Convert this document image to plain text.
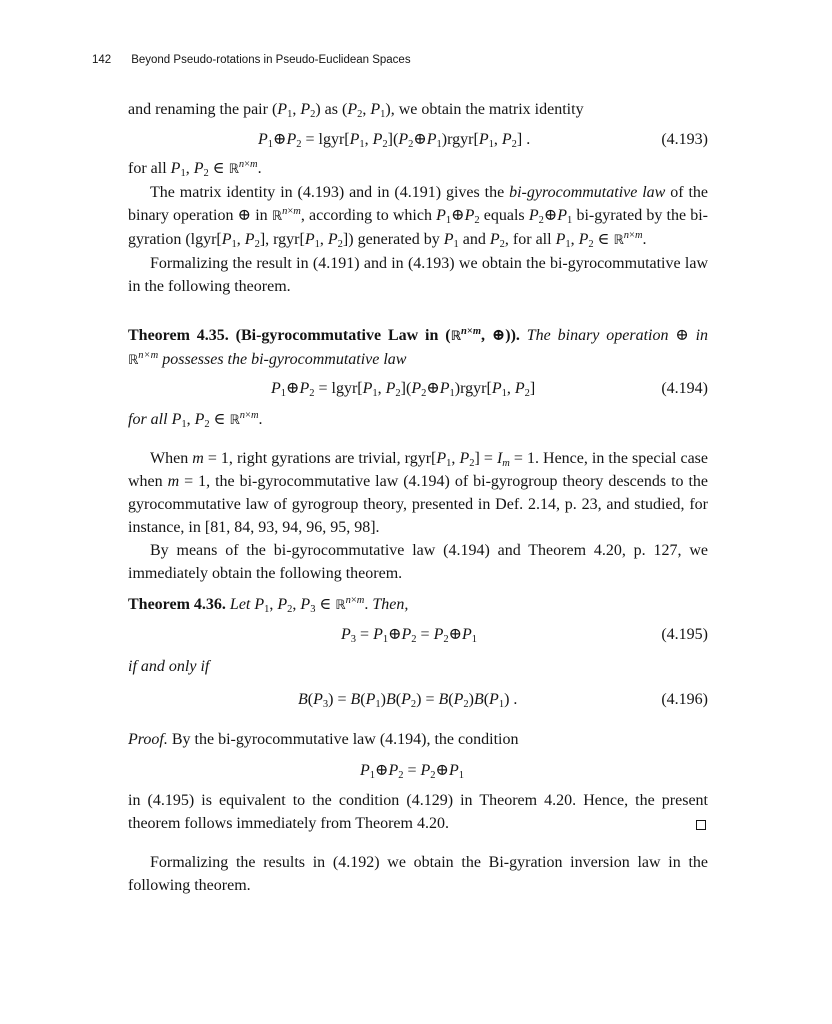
142 Beyond Pseudo-rotations in Pseudo-Euclidean Spaces

and renaming the pair ($P_1$, $P_2$) as ($P_2$, $P_1$), we obtain the matrix identity

$P_1\oplus P_2$ = $lgyr[P_1$, $P_2](P_2\oplus P_1)rgyr[P_1$, $P_2$] .	(4.193)

for all $P_1$, $P_2$ ∈ ℝ$^{n\times m}$.

The matrix identity in (4.193) and in (4.191) gives the bi-gyrocommutative law of the binary operation ⊕ in ℝ$^{n\times m}$, according to which $P_1\oplus P_2$ equals $P_2\oplus P_1$ bi-gyrated by the bi-gyration ($lgyr[P_1$, $P_2$], $rgyr[P_1$, $P_2$]) generated by $P_1$ and $P_2$, for all $P_1$, $P_2$ ∈ ℝ$^{n\times m}$.

Formalizing the result in (4.191) and in (4.193) we obtain the bi-gyrocommutative law in the following theorem.

Theorem 4.35. (Bi-gyrocommutative Law in (ℝ$^{n\times m}$, ⊕)). The binary operation ⊕ in ℝ$^{n\times m}$ possesses the bi-gyrocommutative law

$P_1\oplus P_2$ = $lgyr[P_1$, $P_2](P_2\oplus P_1)rgyr[P_1$, $P_2$]	(4.194)

for all $P_1$, $P_2$ ∈ ℝ$^{n\times m}$.

When m = 1, right gyrations are trivial, $rgyr[P_1$, $P_2] = I_m = 1$. Hence, in the special case when m = 1, the bi-gyrocommutative law (4.194) of bi-gyrogroup theory descends to the gyrocommutative law of gyrogroup theory, presented in Def. 2.14, p. 23, and studied, for instance, in [81, 84, 93, 94, 96, 95, 98].

By means of the bi-gyrocommutative law (4.194) and Theorem 4.20, p. 127, we immediately obtain the following theorem.

Theorem 4.36. Let $P_1$, $P_2$, $P_3$ ∈ ℝ$^{n\times m}$. Then,

$P_3$ = $P_1\oplus P_2$ = $P_2\oplus P_1$	(4.195)

if and only if

$B(P_3) = B(P_1)B(P_2) = B(P_2)B(P_1)$ .	(4.196)

Proof. By the bi-gyrocommutative law (4.194), the condition

$P_1\oplus P_2$ = $P_2\oplus P_1$

in (4.195) is equivalent to the condition (4.129) in Theorem 4.20. Hence, the present theorem follows immediately from Theorem 4.20.

Formalizing the results in (4.192) we obtain the Bi-gyration inversion law in the following theorem.
